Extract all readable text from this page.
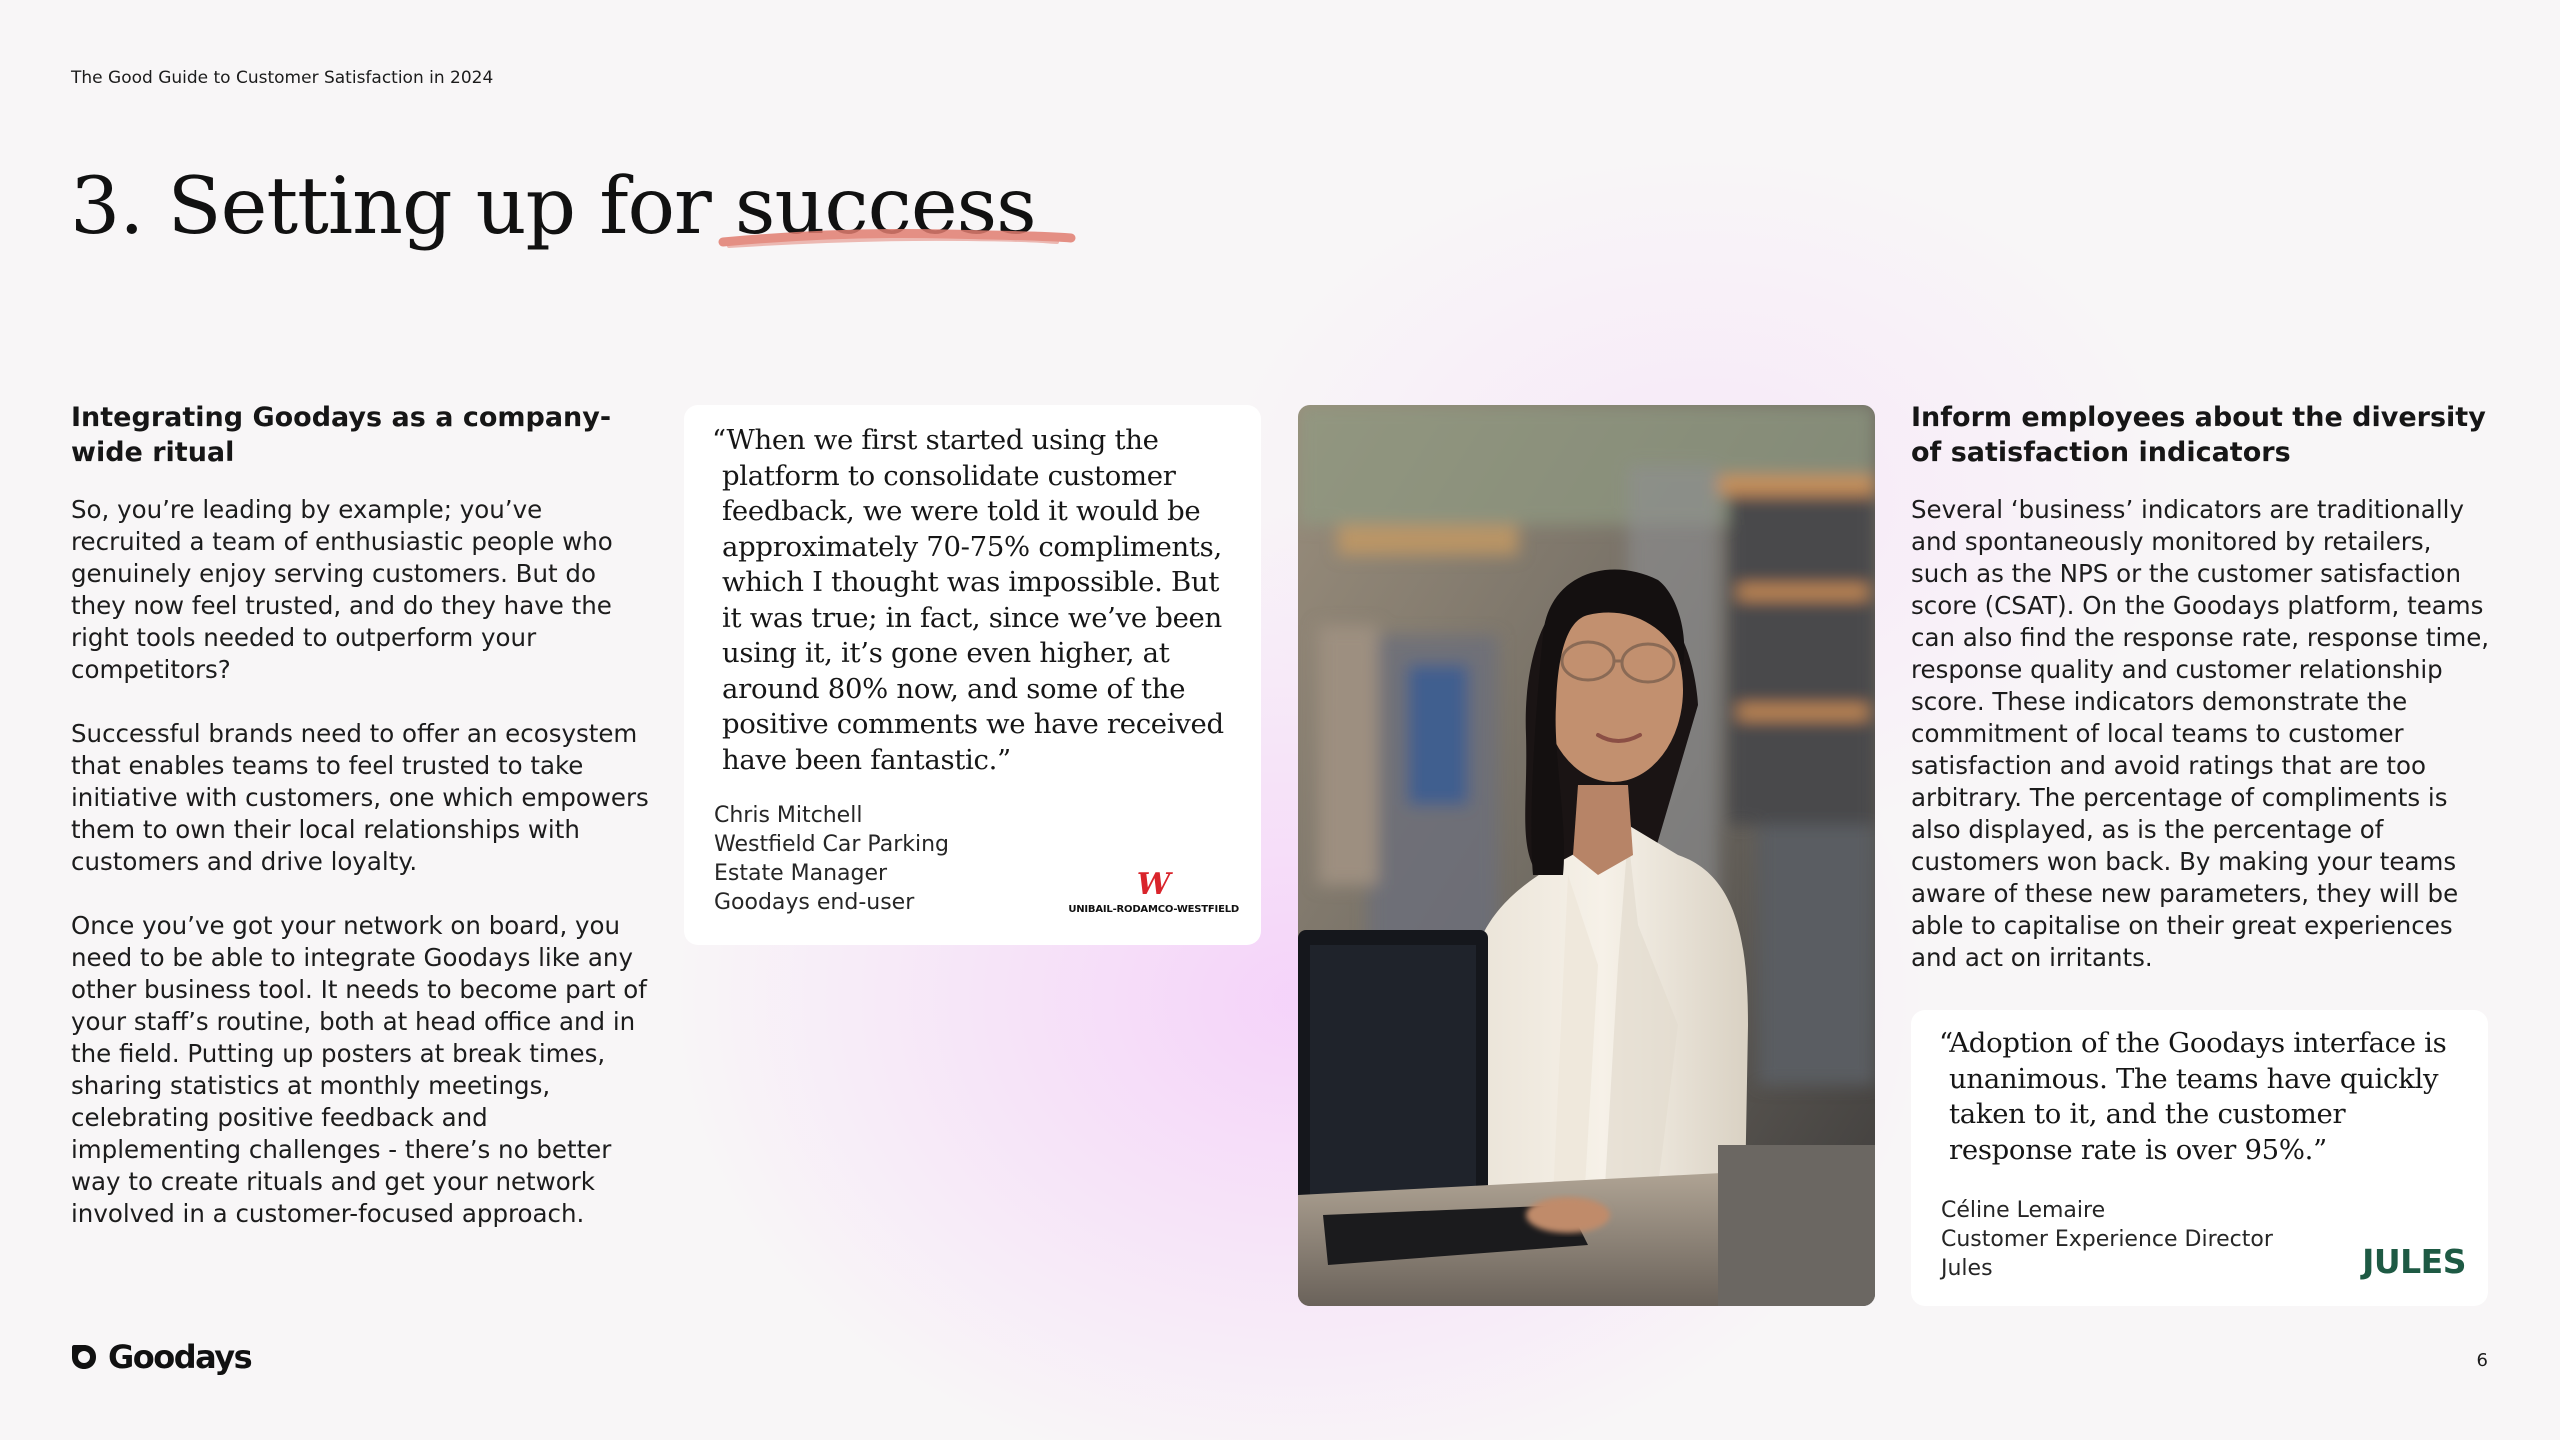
The Good Guide to Customer Satisfaction in 2024
3. Setting up for success
Integrating Goodays as a company-wide ritual

So, you’re leading by example; you’ve recruited a team of enthusiastic people who genuinely enjoy serving customers. But do they now feel trusted, and do they have the right tools needed to outperform your competitors?

Successful brands need to offer an ecosystem that enables teams to feel trusted to take initiative with customers, one which empowers them to own their local relationships with customers and drive loyalty.

Once you’ve got your network on board, you need to be able to integrate Goodays like any other business tool. It needs to become part of your staff’s routine, both at head office and in the field. Putting up posters at break times, sharing statistics at monthly meetings, celebrating positive feedback and implementing challenges - there’s no better way to create rituals and get your network involved in a customer-focused approach.

“When we first started using the platform to consolidate customer feedback, we were told it would be approximately 70-75% compliments, which I thought was impossible. But it was true; in fact, since we’ve been using it, it’s gone even higher, at around 80% now, and some of the positive comments we have received have been fantastic.”
Chris Mitchell
Westfield Car Parking
Estate Manager
Goodays end-user
W
UNIBAIL-RODAMCO-WESTFIELD
Inform employees about the diversity of satisfaction indicators

Several ‘business’ indicators are traditionally and spontaneously monitored by retailers, such as the NPS or the customer satisfaction score (CSAT). On the Goodays platform, teams can also find the response rate, response time, response quality and customer relationship score. These indicators demonstrate the commitment of local teams to customer satisfaction and avoid ratings that are too arbitrary. The percentage of compliments is also displayed, as is the percentage of customers won back. By making your teams aware of these new parameters, they will be able to capitalise on their great experiences and act on irritants.

“Adoption of the Goodays interface is unanimous. The teams have quickly taken to it, and the customer response rate is over 95%.”
Céline Lemaire
Customer Experience Director
Jules	JULES
Goodays	6
